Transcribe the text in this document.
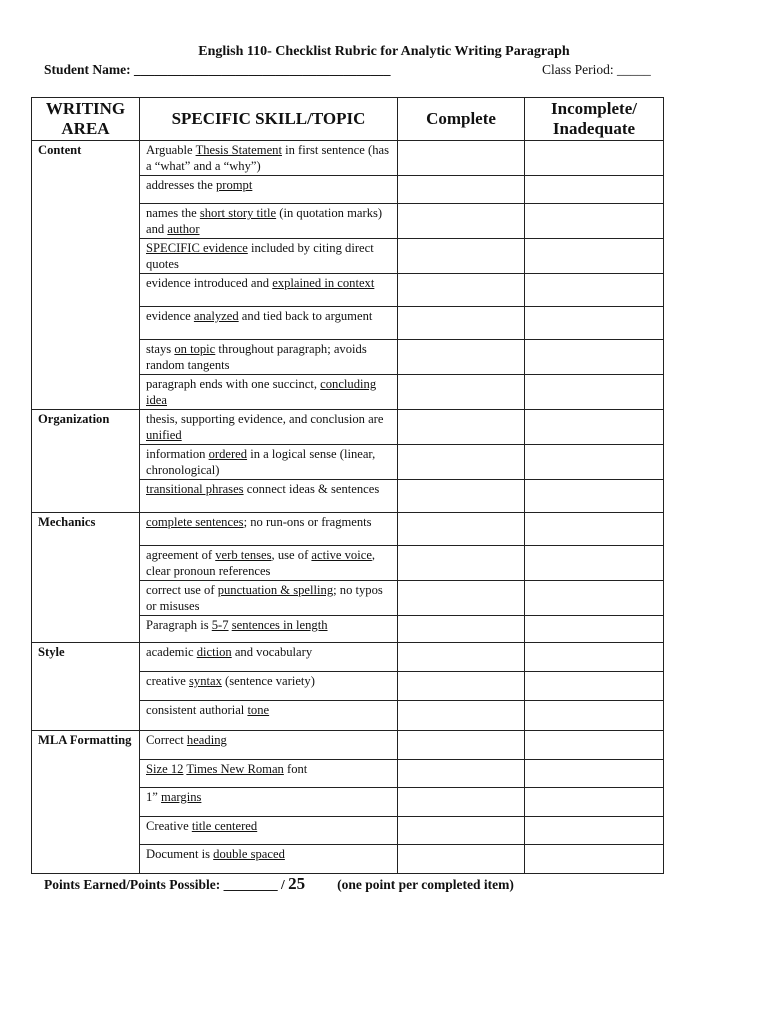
English 110- Checklist Rubric for Analytic Writing Paragraph
Student Name: ______________________________________	Class Period: _____
WRITING AREA	SPECIFIC SKILL/TOPIC	Complete	Incomplete/ Inadequate
Content	Arguable Thesis Statement in first sentence (has a “what” and a “why”)		
	addresses the prompt		
	names the short story title (in quotation marks) and author		
	SPECIFIC evidence included by citing direct quotes		
	evidence introduced and explained in context		
	evidence analyzed and tied back to argument		
	stays on topic throughout paragraph; avoids random tangents		
	paragraph ends with one succinct, concluding idea		
Organization	thesis, supporting evidence, and conclusion are unified		
	information ordered in a logical sense (linear, chronological)		
	transitional phrases connect ideas & sentences		
Mechanics	complete sentences; no run-ons or fragments		
	agreement of verb tenses, use of active voice, clear pronoun references		
	correct use of punctuation & spelling; no typos or misuses		
	Paragraph is 5-7 sentences in length		
Style	academic diction and vocabulary		
	creative syntax (sentence variety)		
	consistent authorial tone		
MLA Formatting	Correct heading		
	Size 12 Times New Roman font		
	1” margins		
	Creative title centered		
	Document is double spaced		
Points Earned/Points Possible: ________ / 25 (one point per completed item)
